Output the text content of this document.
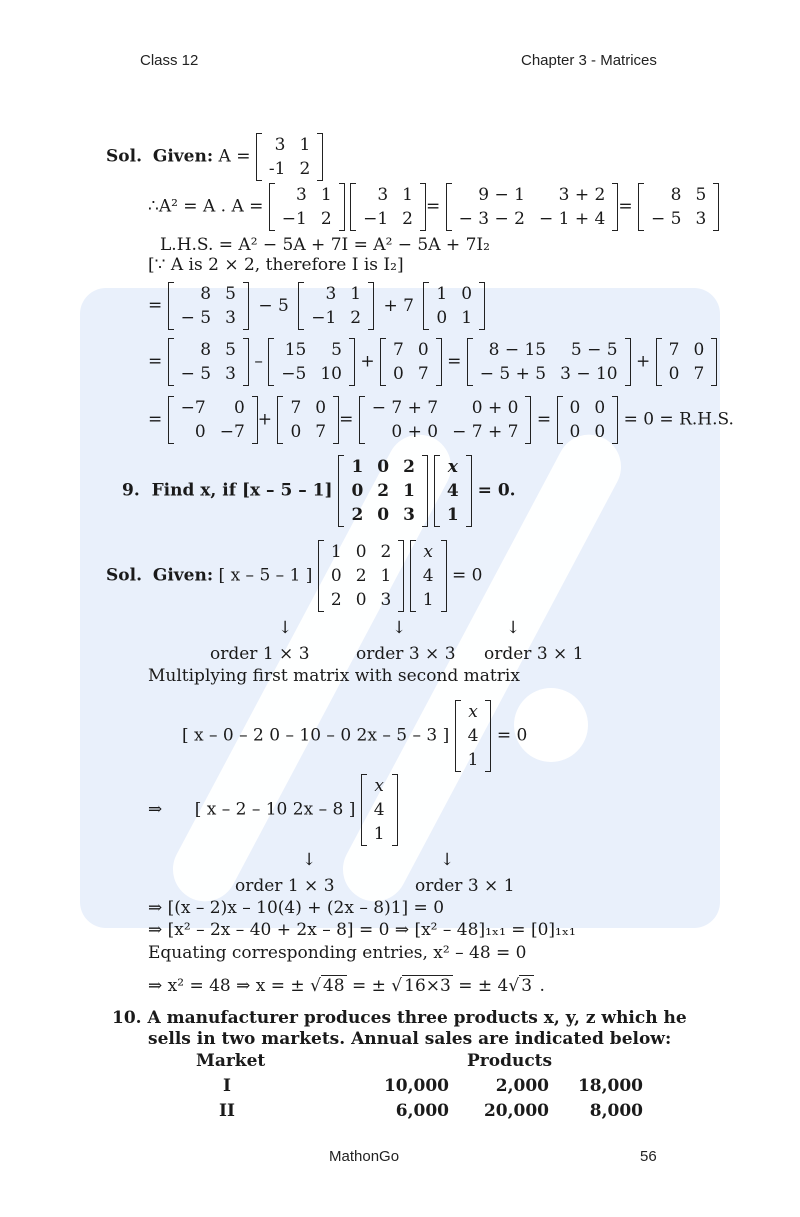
Class 12	Chapter 3 - Matrices
Sol. Given: A =
3	1
-1	2
∴A² = A . A =
3	1
−1	2

3	1
−1	2
=
9 − 1	3 + 2
− 3 − 2	− 1 + 4
=
8	5
− 5	3
L.H.S. = A² − 5A + 7I = A² − 5A + 7I₂
[∵ A is 2 × 2, therefore I is I₂]
=
8	5
− 5	3
− 5
3	1
−1	2
+ 7
1	0
0	1
=
8	5
− 5	3
–
15	5
−5	10
+
7	0
0	7
=
8 − 15	5 − 5
− 5 + 5	3 − 10
+
7	0
0	7
=
−7	0
0	−7
+
7	0
0	7
=
− 7 + 7	0 + 0
0 + 0	− 7 + 7
=
0	0
0	0
= 0 = R.H.S.
9. Find x, if [x – 5 – 1]
1	0	2
0	2	1
2	0	3

x
4
1
= 0.
Sol. Given: [ x – 5 – 1 ]
1	0	2
0	2	1
2	0	3

x
4
1
= 0
↓	↓	↓
order 1 × 3	order 3 × 3 order 3 × 1
Multiplying first matrix with second matrix
[ x – 0 – 2 0 – 10 – 0 2x – 5 – 3 ]
x
4
1
= 0
⇒ [ x – 2 – 10 2x – 8 ]
x
4
1
↓	↓
order 1 × 3	order 3 × 1
⇒ [(x – 2)x – 10(4) + (2x – 8)1] = 0
⇒ [x² – 2x – 40 + 2x – 8] = 0 ⇒ [x² – 48]₁ₓ₁ = [0]₁ₓ₁
Equating corresponding entries, x² – 48 = 0
⇒ x² = 48 ⇒ x = ± √ 48 = ± √ 16×3 = ± 4√ 3 .
10. A manufacturer produces three products x, y, z which he
sells in two markets. Annual sales are indicated below:
Market	Products
I	10,000	2,000	18,000
II	6,000	20,000	8,000
MathonGo	56
